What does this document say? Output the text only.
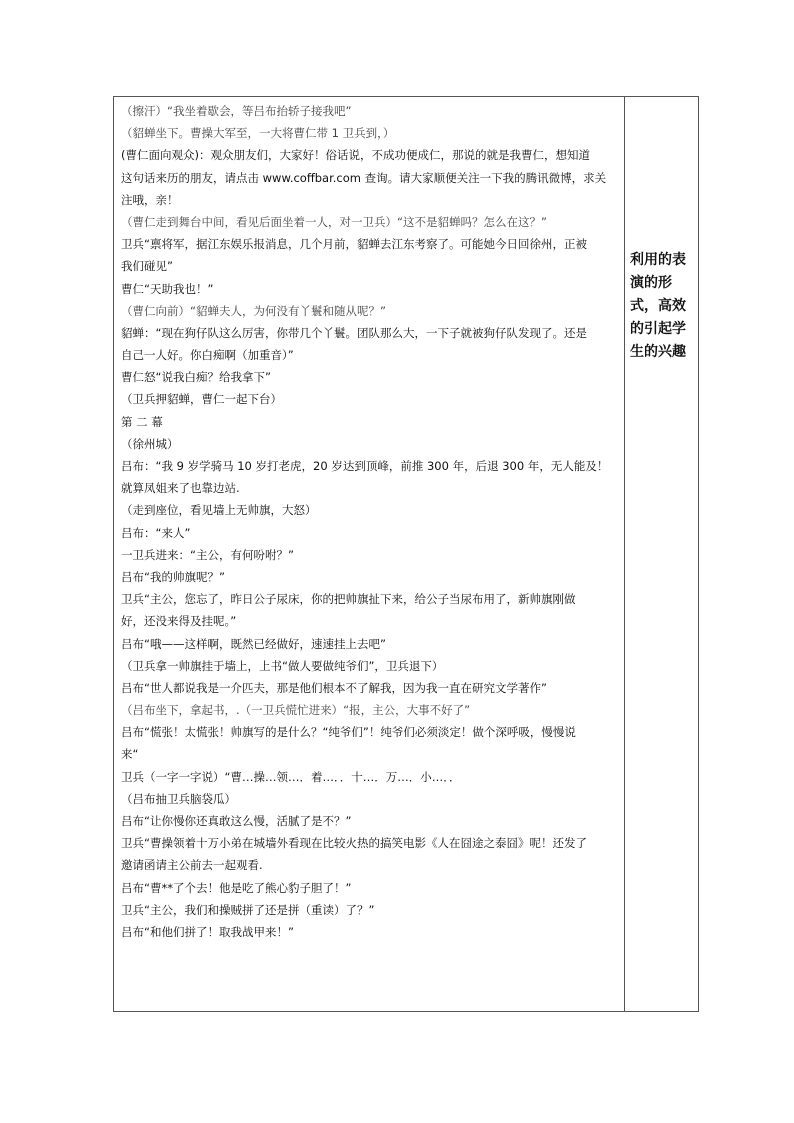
（擦汗）“我坐着歇会，等吕布抬轿子接我吧”
（貂蝉坐下。曹操大军至，一大将曹仁带 1 卫兵到，）
(曹仁面向观众)：观众朋友们，大家好！俗话说，不成功便成仁，那说的就是我曹仁，想知道
这句话来历的朋友，请点击 www.coffbar.com 查询。请大家顺便关注一下我的腾讯微博，求关
注哦，亲！
（曹仁走到舞台中间，看见后面坐着一人，对一卫兵）“这不是貂蝉吗？怎么在这？”
卫兵“禀将军，据江东娱乐报消息，几个月前，貂蝉去江东考察了。可能她今日回徐州，正被
我们碰见”
曹仁“天助我也！”
（曹仁向前）“貂蝉夫人，为何没有丫鬟和随从呢？”
貂蝉：“现在狗仔队这么厉害，你带几个丫鬟。团队那么大，一下子就被狗仔队发现了。还是
自己一人好。你白痴啊（加重音）”
曹仁怒“说我白痴？给我拿下”
（卫兵押貂蝉，曹仁一起下台）
第 二 幕
（徐州城）
吕布：“我 9 岁学骑马 10 岁打老虎，20 岁达到顶峰，前推 300 年，后退 300 年，无人能及！
就算凤姐来了也靠边站.
（走到座位，看见墙上无帅旗，大怒）
吕布：“来人”
一卫兵进来：“主公，有何吩咐？”
吕布“我的帅旗呢？”
卫兵“主公，您忘了，昨日公子尿床，你的把帅旗扯下来，给公子当尿布用了，新帅旗刚做
好，还没来得及挂呢。”
吕布“哦——这样啊，既然已经做好，速速挂上去吧”
（卫兵拿一帅旗挂于墙上，上书“做人要做纯爷们”，卫兵退下）
吕布“世人都说我是一介匹夫，那是他们根本不了解我，因为我一直在研究文学著作”
（吕布坐下，拿起书，.（一卫兵慌忙进来）“报，主公，大事不好了”
吕布“慌张！太慌张！帅旗写的是什么？“纯爷们”！纯爷们必须淡定！做个深呼吸，慢慢说
来“
卫兵（一字一字说）“曹…操…领…．着…．．十…．万…．小…．．
（吕布抽卫兵脑袋瓜）
吕布“让你慢你还真敢这么慢，活腻了是不？”
卫兵“曹操领着十万小弟在城墙外看现在比较火热的搞笑电影《人在囧途之泰囧》呢！还发了
邀请函请主公前去一起观看.
吕布“曹**了个去！他是吃了熊心豹子胆了！”
卫兵“主公，我们和操贼拼了还是拼（重读）了？”
吕布“和他们拼了！取我战甲来！”
利用的表
演的形
式，高效
的引起学
生的兴趣
